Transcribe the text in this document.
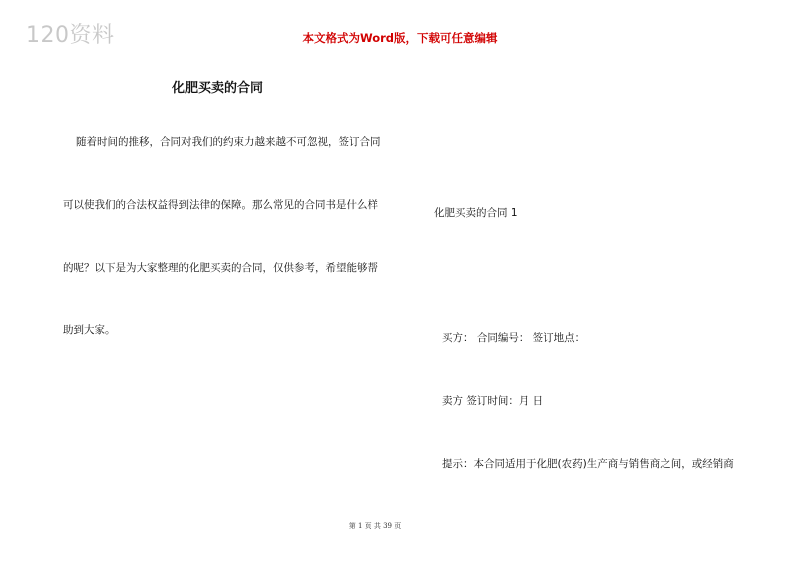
120资料	本文格式为Word版，下载可任意编辑
化肥买卖的合同
随着时间的推移，合同对我们的约束力越来越不可忽视，签订合同
可以使我们的合法权益得到法律的保障。那么常见的合同书是什么样
的呢？以下是为大家整理的化肥买卖的合同，仅供参考，希望能够帮
助到大家。
化肥买卖的合同 1
买方： 合同编号： 签订地点：
卖方 签订时间：月 日
提示：本合同适用于化肥(农药)生产商与销售商之间，或经销商
第 1 页 共 39 页
